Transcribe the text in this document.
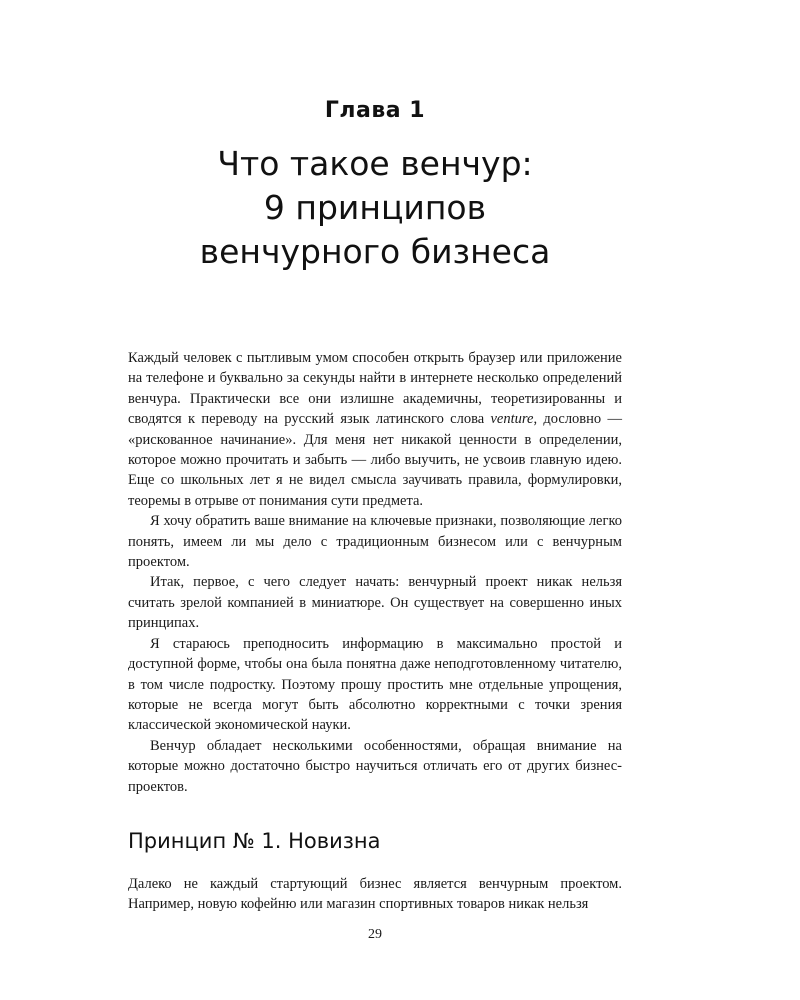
Глава 1
Что такое венчур:
9 принципов
венчурного бизнеса

Каждый человек с пытливым умом способен открыть браузер или приложение на телефоне и буквально за секунды найти в интернете несколько определений венчура. Практически все они излишне академичны, теоретизированны и сводятся к переводу на русский язык латинского слова venture, дословно — «рискованное начинание». Для меня нет никакой ценности в определении, которое можно прочитать и забыть — либо выучить, не усвоив главную идею. Еще со школьных лет я не видел смысла заучивать правила, формулировки, теоремы в отрыве от понимания сути предмета.

Я хочу обратить ваше внимание на ключевые признаки, позволяющие легко понять, имеем ли мы дело с традиционным бизнесом или с венчурным проектом.

Итак, первое, с чего следует начать: венчурный проект никак нельзя считать зрелой компанией в миниатюре. Он существует на совершенно иных принципах.

Я стараюсь преподносить информацию в максимально простой и доступной форме, чтобы она была понятна даже неподготовленному читателю, в том числе подростку. Поэтому прошу простить мне отдельные упрощения, которые не всегда могут быть абсолютно корректными с точки зрения классической экономической науки.

Венчур обладает несколькими особенностями, обращая внимание на которые можно достаточно быстро научиться отличать его от других бизнес-проектов.

Принцип № 1. Новизна

Далеко не каждый стартующий бизнес является венчурным проектом. Например, новую кофейню или магазин спортивных товаров никак нельзя

29
